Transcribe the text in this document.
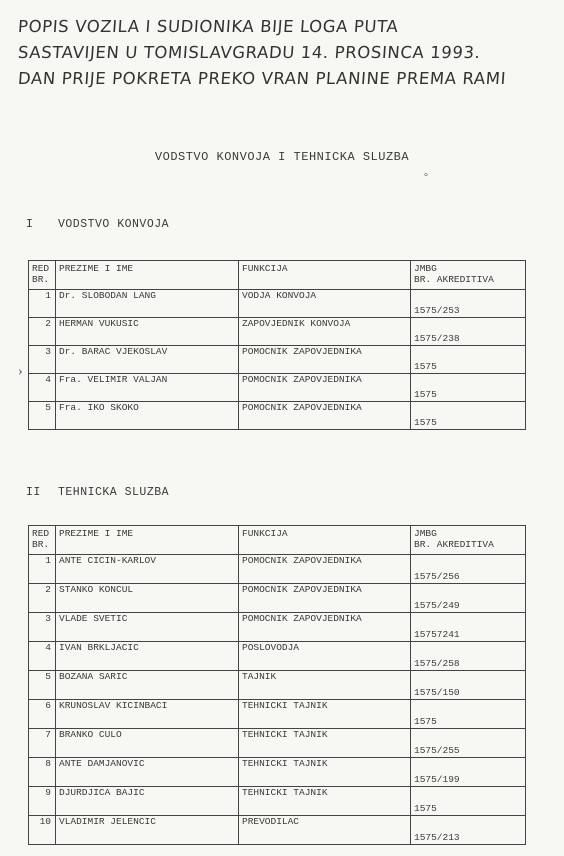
POPIS VOZILA I SUDIONIKA BIJE LOGA PUTA
SASTAVIJEN U TOMISLAVGRADU 14. PROSINCA 1993.
DAN PRIJE POKRETA PREKO VRAN PLANINE PREMA RAMI
VODSTVO KONVOJA I TEHNICKA SLUZBA
I VODSTVO KONVOJA
RED
BR.	PREZIME I IME	FUNKCIJA	JMBG
BR. AKREDITIVA
1	Dr. SLOBODAN LANG	VODJA KONVOJA	1575/253
2	HERMAN VUKUSIC	ZAPOVJEDNIK KONVOJA	1575/238
3	Dr. BARAC VJEKOSLAV	POMOCNIK ZAPOVJEDNIKA	1575
4	Fra. VELIMIR VALJAN	POMOCNIK ZAPOVJEDNIKA	1575
5	Fra. IKO SKOKO	POMOCNIK ZAPOVJEDNIKA	1575
II TEHNICKA SLUZBA
RED
BR.	PREZIME I IME	FUNKCIJA	JMBG
BR. AKREDITIVA
1	ANTE CICIN-KARLOV	POMOCNIK ZAPOVJEDNIKA	1575/256
2	STANKO KONCUL	POMOCNIK ZAPOVJEDNIKA	1575/249
3	VLADE SVETIC	POMOCNIK ZAPOVJEDNIKA	15757241
4	IVAN BRKLJACIC	POSLOVODJA	1575/258
5	BOZANA SARIC	TAJNIK	1575/150
6	KRUNOSLAV KICINBACI	TEHNICKI TAJNIK	1575
7	BRANKO CULO	TEHNICKI TAJNIK	1575/255
8	ANTE DAMJANOVIC	TEHNICKI TAJNIK	1575/199
9	DJURDJICA BAJIC	TEHNICKI TAJNIK	1575
10	VLADIMIR JELENCIC	PREVODILAC	1575/213
›
°
